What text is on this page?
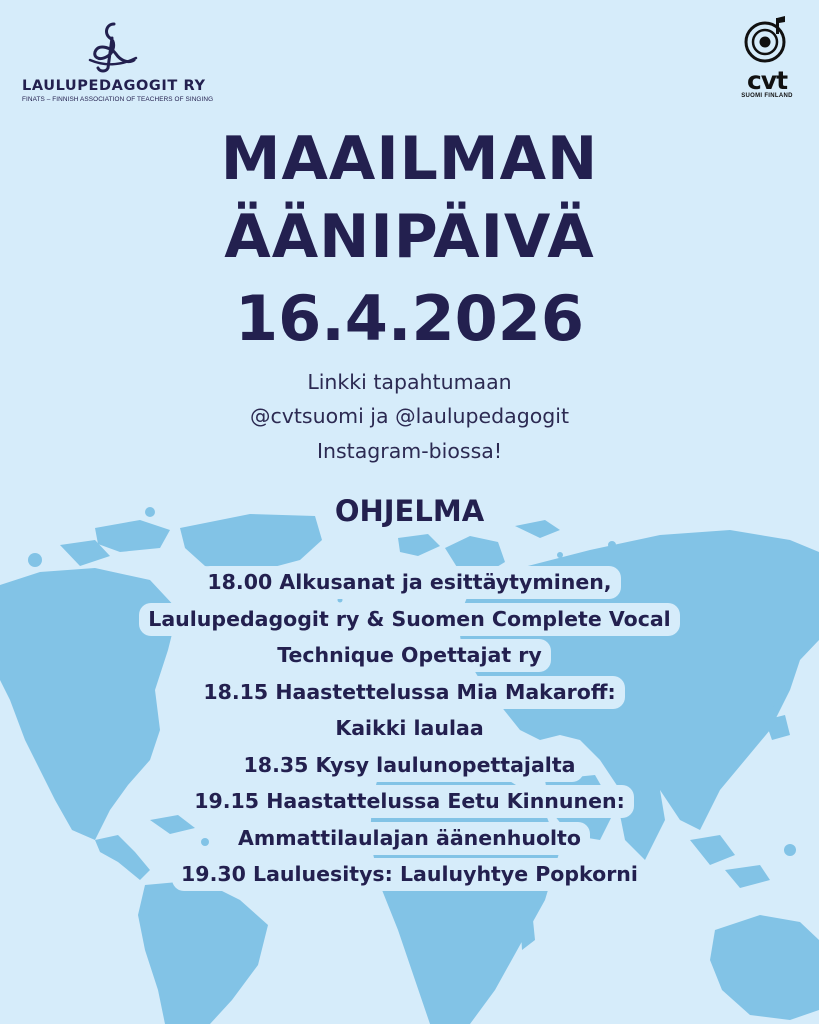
LAULUPEDAGOGIT RY
FINATS – FINNISH ASSOCIATION OF TEACHERS OF SINGING
cvt
SUOMI FINLAND
MAAILMAN
ÄÄNIPÄIVÄ
16.4.2026

Linkki tapahtumaan

@cvtsuomi ja @laulupedagogit

Instagram-biossa!

OHJELMA
18.00 Alkusanat ja esittäytyminen,
Laulupedagogit ry & Suomen Complete Vocal
Technique Opettajat ry
18.15 Haastettelussa Mia Makaroff:
Kaikki laulaa
18.35 Kysy laulunopettajalta
19.15 Haastattelussa Eetu Kinnunen:
Ammattilaulajan äänenhuolto
19.30 Lauluesitys: Lauluyhtye Popkorni
